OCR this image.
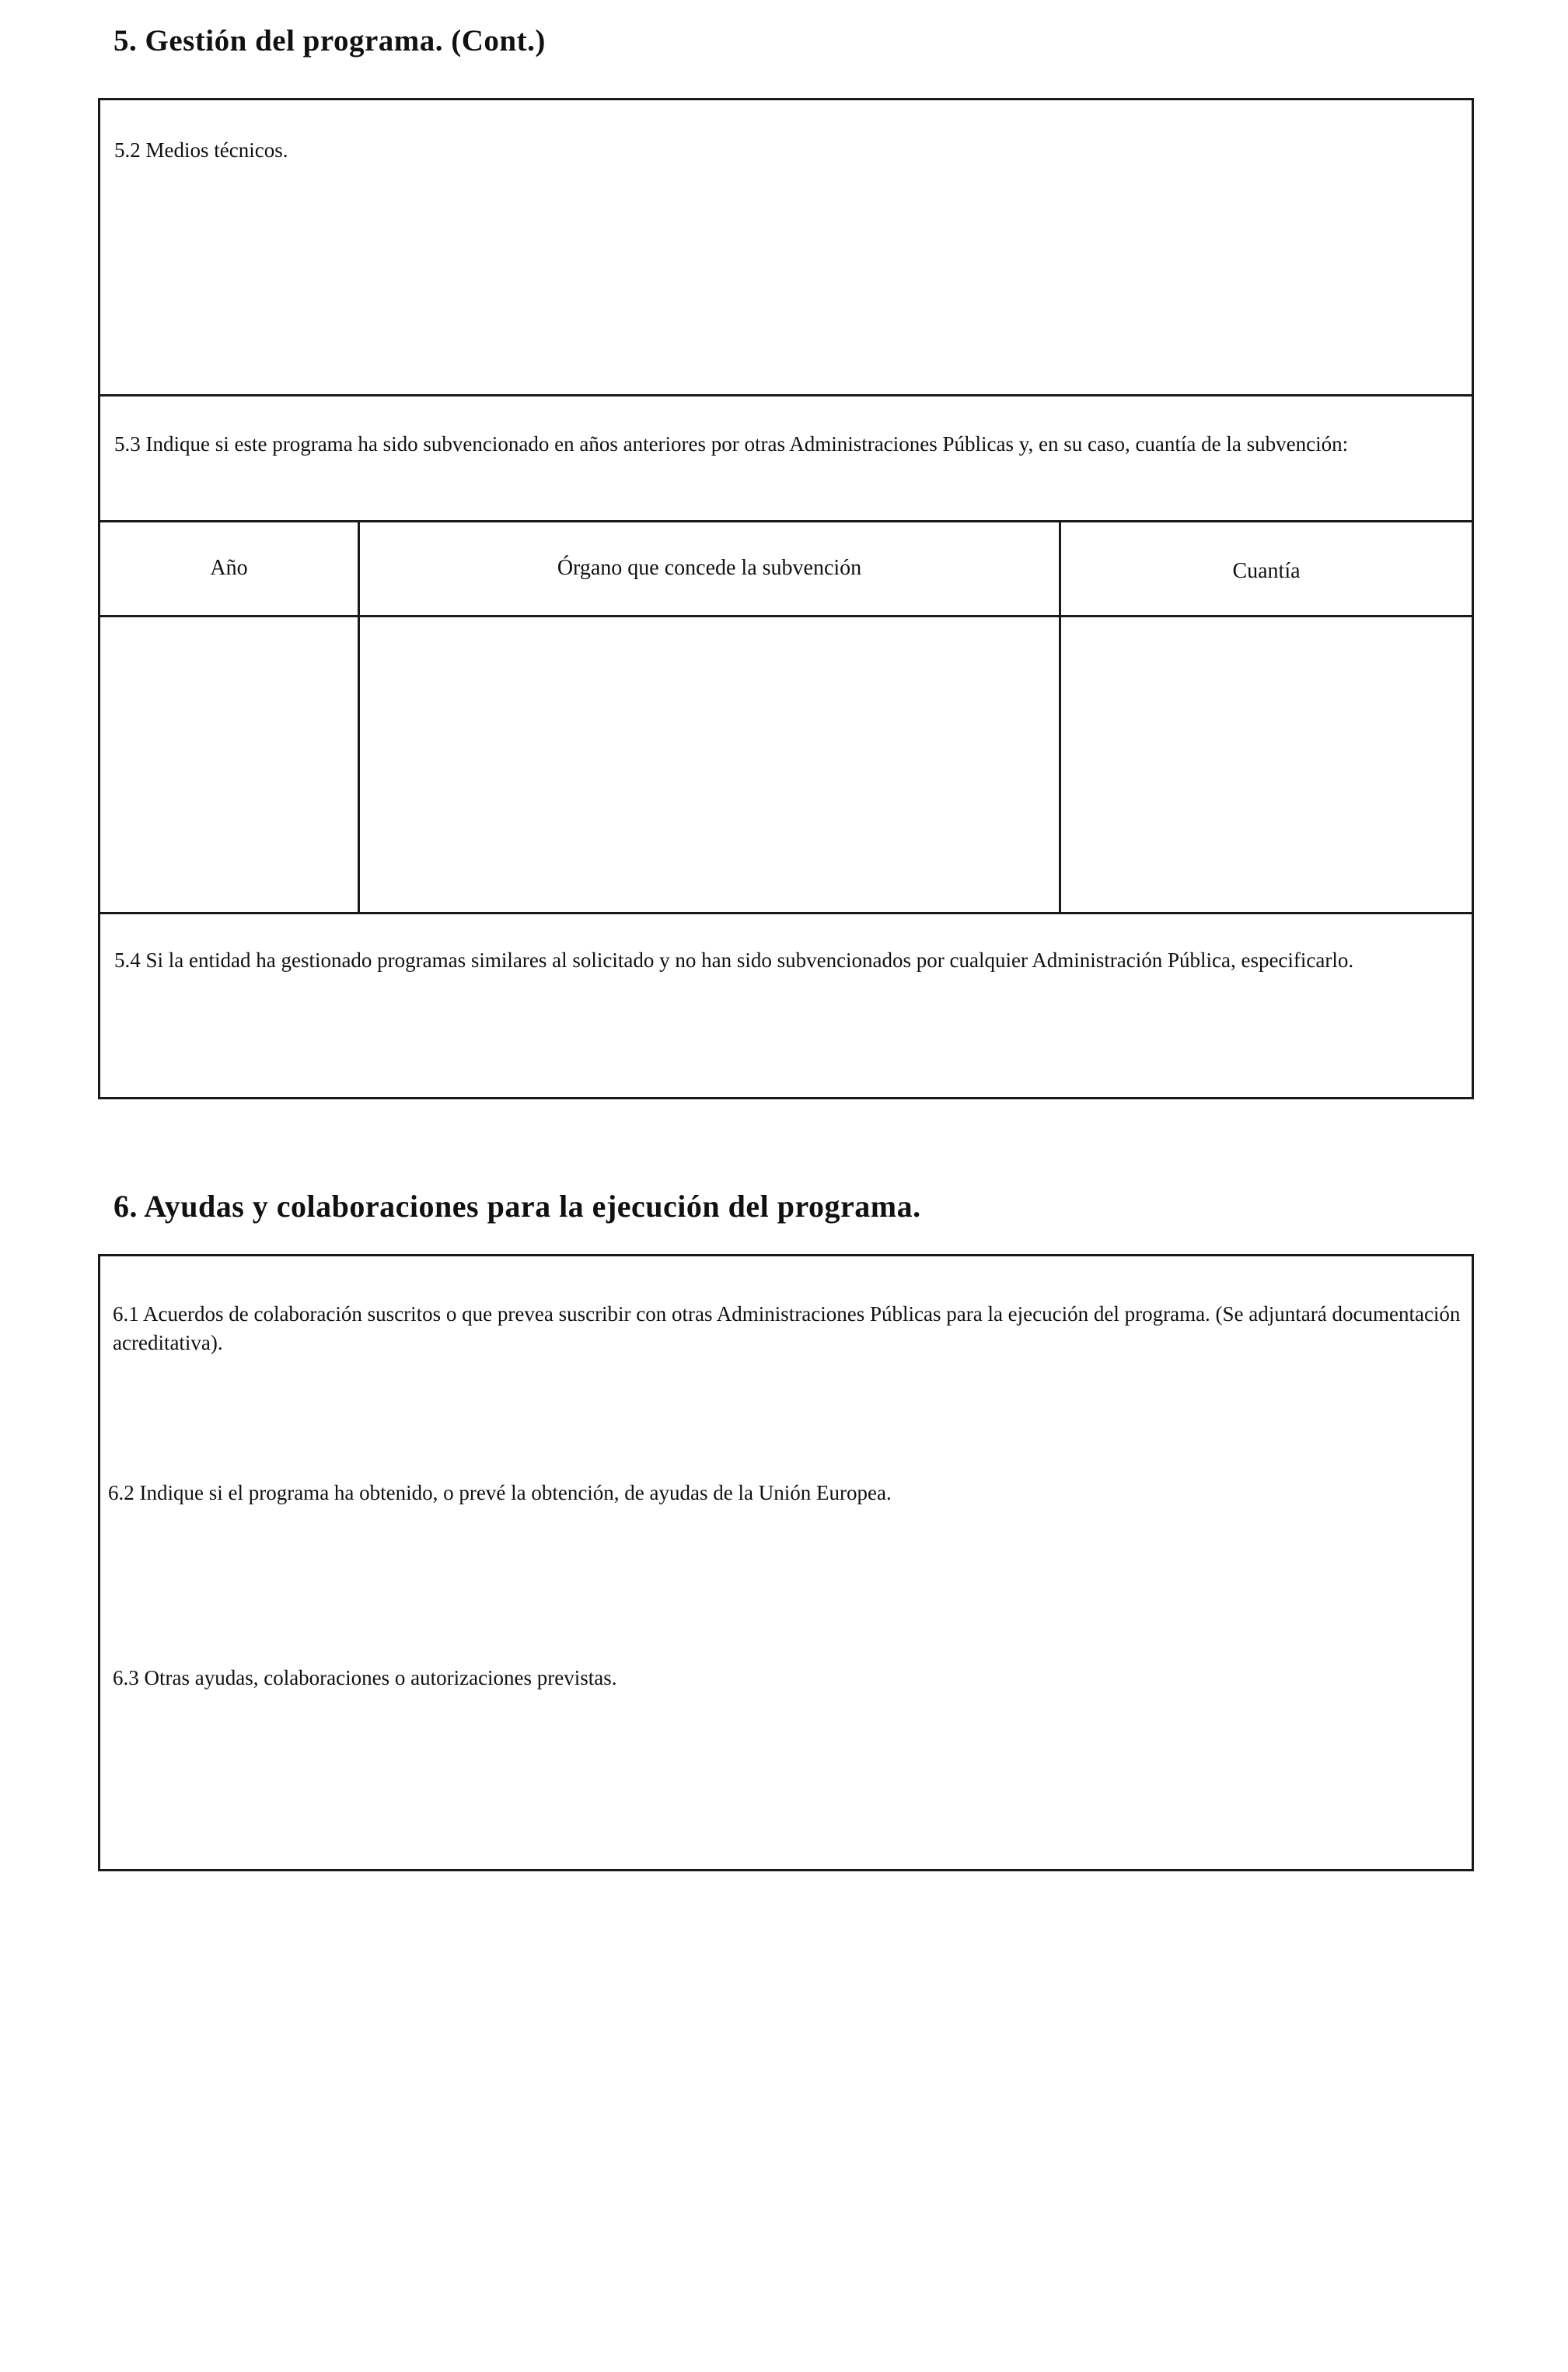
5. Gestión del programa. (Cont.)

5.2 Medios técnicos.

5.3 Indique si este programa ha sido subvencionado en años anteriores por otras Administraciones Públicas y, en su caso, cuantía de la subvención:

Año	Órgano que concede la subvención	Cuantía

5.4 Si la entidad ha gestionado programas similares al solicitado y no han sido subvencionados por cualquier Administración Pública, especificarlo.

6. Ayudas y colaboraciones para la ejecución del programa.

6.1 Acuerdos de colaboración suscritos o que prevea suscribir con otras Administraciones Públicas para la ejecución del programa. (Se adjuntará documentación acreditativa).

6.2 Indique si el programa ha obtenido, o prevé la obtención, de ayudas de la Unión Europea.

6.3 Otras ayudas, colaboraciones o autorizaciones previstas.
